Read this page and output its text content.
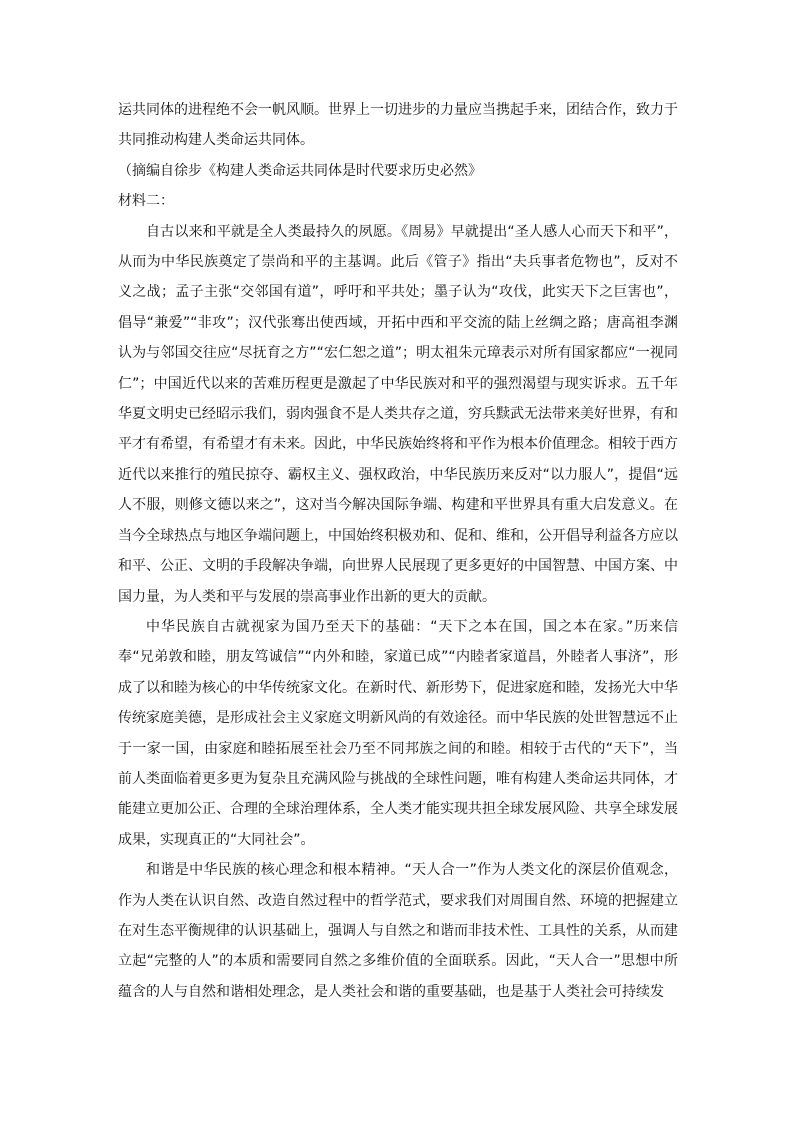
运共同体的进程绝不会一帆风顺。世界上一切进步的力量应当携起手来，团结合作，致力于
共同推动构建人类命运共同体。
（摘编自徐步《构建人类命运共同体是时代要求历史必然》
材料二：

自古以来和平就是全人类最持久的夙愿。《周易》早就提出“圣人感人心而天下和平”，从而为中华民族奠定了崇尚和平的主基调。此后《管子》指出“夫兵事者危物也”，反对不义之战；孟子主张“交邻国有道”，呼吁和平共处；墨子认为“攻伐，此实天下之巨害也”，倡导“兼爱”“非攻”；汉代张骞出使西域，开拓中西和平交流的陆上丝绸之路；唐高祖李渊认为与邻国交往应“尽抚育之方”“宏仁恕之道”；明太祖朱元璋表示对所有国家都应“一视同仁”；中国近代以来的苦难历程更是激起了中华民族对和平的强烈渴望与现实诉求。五千年华夏文明史已经昭示我们，弱肉强食不是人类共存之道，穷兵黩武无法带来美好世界，有和平才有希望，有希望才有未来。因此，中华民族始终将和平作为根本价值理念。相较于西方近代以来推行的殖民掠夺、霸权主义、强权政治，中华民族历来反对“以力服人”，提倡“远人不服，则修文德以来之”，这对当今解决国际争端、构建和平世界具有重大启发意义。在当今全球热点与地区争端问题上，中国始终积极劝和、促和、维和，公开倡导利益各方应以和平、公正、文明的手段解决争端，向世界人民展现了更多更好的中国智慧、中国方案、中国力量，为人类和平与发展的崇高事业作出新的更大的贡献。

中华民族自古就视家为国乃至天下的基础：“天下之本在国，国之本在家。”历来信奉“兄弟敦和睦，朋友笃诚信”“内外和睦，家道已成”“内睦者家道昌，外睦者人事济”，形成了以和睦为核心的中华传统家文化。在新时代、新形势下，促进家庭和睦，发扬光大中华传统家庭美德，是形成社会主义家庭文明新风尚的有效途径。而中华民族的处世智慧远不止于一家一国，由家庭和睦拓展至社会乃至不同邦族之间的和睦。相较于古代的“天下”，当前人类面临着更多更为复杂且充满风险与挑战的全球性问题，唯有构建人类命运共同体，才能建立更加公正、合理的全球治理体系，全人类才能实现共担全球发展风险、共享全球发展成果，实现真正的“大同社会”。

和谐是中华民族的核心理念和根本精神。“天人合一”作为人类文化的深层价值观念，作为人类在认识自然、改造自然过程中的哲学范式，要求我们对周围自然、环境的把握建立在对生态平衡规律的认识基础上，强调人与自然之和谐而非技术性、工具性的关系，从而建立起“完整的人”的本质和需要同自然之多维价值的全面联系。因此，“天人合一”思想中所蕴含的人与自然和谐相处理念，是人类社会和谐的重要基础，也是基于人类社会可持续发
